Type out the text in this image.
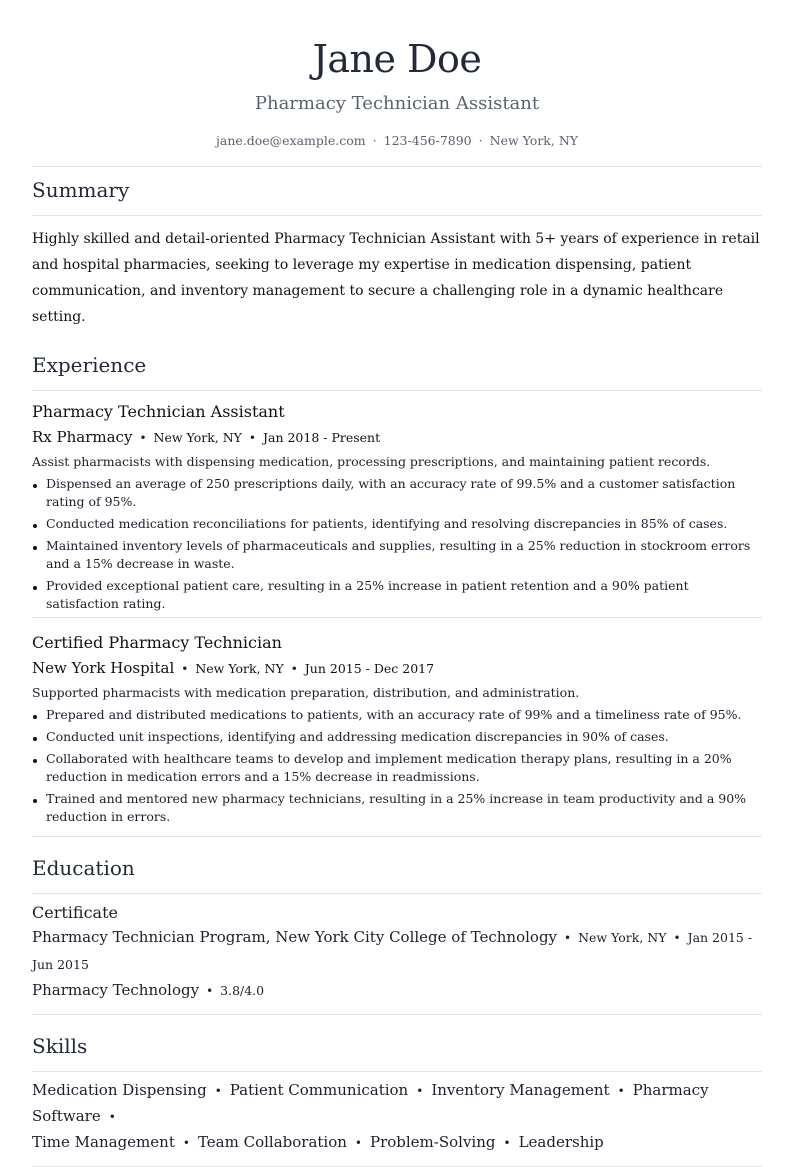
Jane Doe
Pharmacy Technician Assistant
jane.doe@example.com · 123-456-7890 · New York, NY
Summary

Highly skilled and detail-oriented Pharmacy Technician Assistant with 5+ years of experience in retail and hospital pharmacies, seeking to leverage my expertise in medication dispensing, patient communication, and inventory management to secure a challenging role in a dynamic healthcare setting.

Experience
Pharmacy Technician Assistant
Rx Pharmacy • New York, NY • Jan 2018 - Present
Assist pharmacists with dispensing medication, processing prescriptions, and maintaining patient records.
Dispensed an average of 250 prescriptions daily, with an accuracy rate of 99.5% and a customer satisfaction rating of 95%.
Conducted medication reconciliations for patients, identifying and resolving discrepancies in 85% of cases.
Maintained inventory levels of pharmaceuticals and supplies, resulting in a 25% reduction in stockroom errors and a 15% decrease in waste.
Provided exceptional patient care, resulting in a 25% increase in patient retention and a 90% patient satisfaction rating.
Certified Pharmacy Technician
New York Hospital • New York, NY • Jun 2015 - Dec 2017
Supported pharmacists with medication preparation, distribution, and administration.
Prepared and distributed medications to patients, with an accuracy rate of 99% and a timeliness rate of 95%.
Conducted unit inspections, identifying and addressing medication discrepancies in 90% of cases.
Collaborated with healthcare teams to develop and implement medication therapy plans, resulting in a 20% reduction in medication errors and a 15% decrease in readmissions.
Trained and mentored new pharmacy technicians, resulting in a 25% increase in team productivity and a 90% reduction in errors.
Education
Certificate
Pharmacy Technician Program, New York City College of Technology • New York, NY • Jan 2015 - Jun 2015
Pharmacy Technology • 3.8/4.0
Skills
Medication Dispensing • Patient Communication • Inventory Management • Pharmacy Software •
Time Management • Team Collaboration • Problem-Solving • Leadership
